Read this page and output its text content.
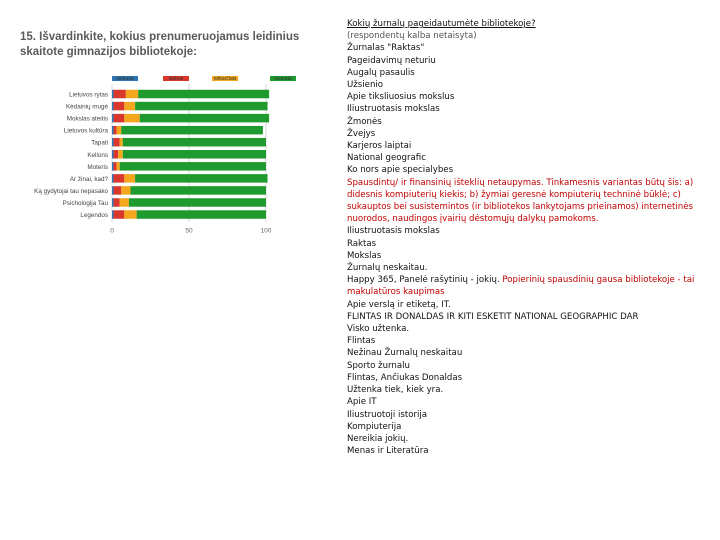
15. Išvardinkite, kokius prenumeruojamus leidinius skaitote gimnazijos bibliotekoje:
0	50	100
niekada	dažnai	retkarčiais	niekada
Lietuvos rytas
Kėdainių mugė
Mokslas ateitis
Lietuvos kultūra
Tapati
Kellons
Moteris
Ar žinai, kad?
Ką gydytojai tau nepasako
Psichologija Tau
Legendos
Kokių žurnalų pageidautumėte bibliotekoje?
(respondentų kalba netaisyta)
Žurnalas "Raktas"
Pageidavimų neturiu
Augalų pasaulis
Užsienio
Apie tiksliuosius mokslus
Iliustruotasis mokslas
Žmonės
Žvejys
Karjeros laiptai
National geografic
Ko nors apie specialybes
Spausdintų/ ir finansinių išteklių netaupymas. Tinkamesnis variantas būtų šis: a) didesnis kompiuterių kiekis; b) žymiai geresnė kompiuterių techninė būklė; c) sukauptos bei susistemintos (ir bibliotekos lankytojams prieinamos) internetinės nuorodos, naudingos įvairių dėstomųjų dalykų pamokoms.
Iliustruotasis mokslas
Raktas
Mokslas
Žurnalų neskaitau.
Happy 365, Panelė rašytinių - jokių. Popierinių spausdinių gausa bibliotekoje - tai makulatūros kaupimas
Apie verslą ir etiketą, IT.
FLINTAS IR DONALDAS IR KITI ESKETIT NATIONAL GEOGRAPHIC DAR
Visko užtenka.
Flintas
Nežinau Žurnalų neskaitau
Sporto žurnalu
Flintas, Ančiukas Donaldas
Užtenka tiek, kiek yra.
Apie IT
Iliustruotoji istorija
Kompiuterija
Nereikia jokių.
Menas ir Literatūra
